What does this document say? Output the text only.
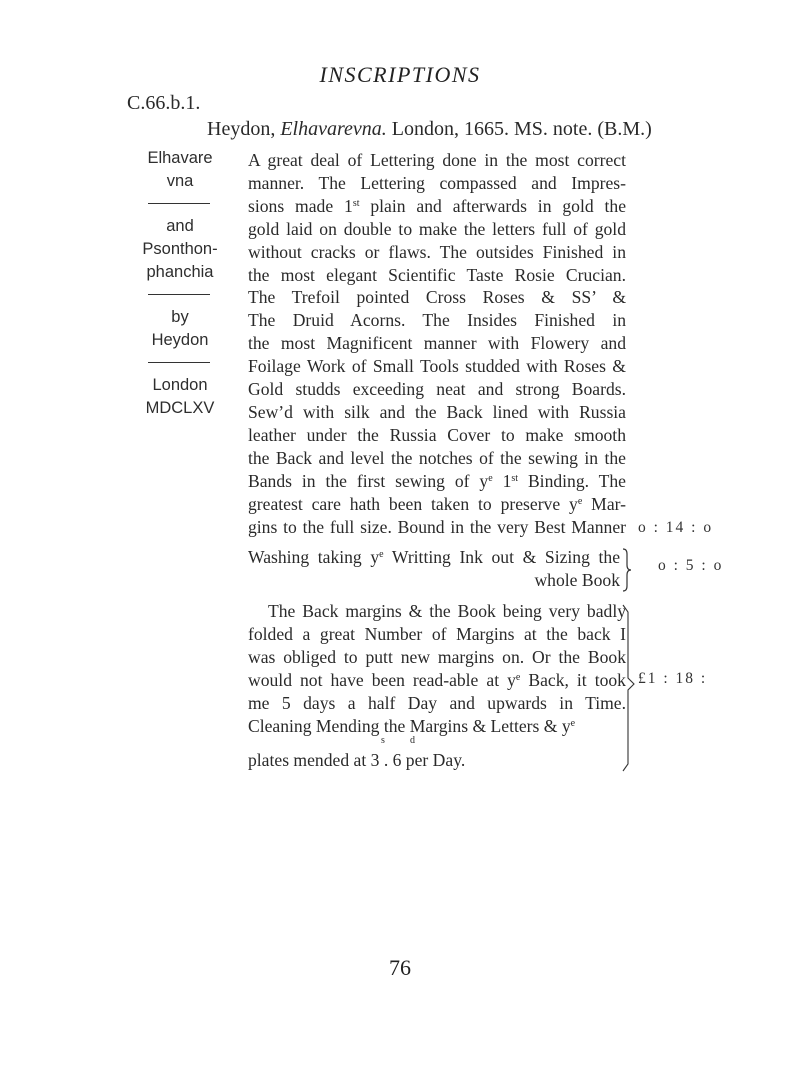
INSCRIPTIONS
C.66.b.1.
Heydon, Elhavarevna. London, 1665. MS. note. (B.M.)
Elhavare
vna
and
Psonthon-
phanchia
by
Heydon
London
MDCLXV
A great deal of Lettering done in the most correct
manner. The Lettering compassed and Impres-
sions made 1st plain and afterwards in gold the
gold laid on double to make the letters full of gold
without cracks or flaws. The outsides Finished in
the most elegant Scientific Taste Rosie Crucian.
The Trefoil pointed Cross Roses & SS’ &
The Druid Acorns. The Insides Finished in
the most Magnificent manner with Flowery and
Foilage Work of Small Tools studded with Roses &
Gold studds exceeding neat and strong Boards.
Sew’d with silk and the Back lined with Russia
leather under the Russia Cover to make smooth
the Back and level the notches of the sewing in the
Bands in the first sewing of $y^e$ 1st Binding. The
greatest care hath been taken to preserve $y^e$ Mar-
gins to the full size. Bound in the very Best Manner o : 14 : o
Washing taking $y^e$ Writting Ink out & Sizing the
whole Book
o : 5 : o
The Back margins & the Book being very badly
folded a great Number of Margins at the back I
was obliged to putt new margins on. Or the Book
would not have been read-able at $y^e$ Back, it took
me 5 days a half Day and upwards in Time.
Cleaning Mending the Margins & Letters & $y^e$
plates mended at 3 . 6 per Day.
s	d
£1 : 18 :
76
